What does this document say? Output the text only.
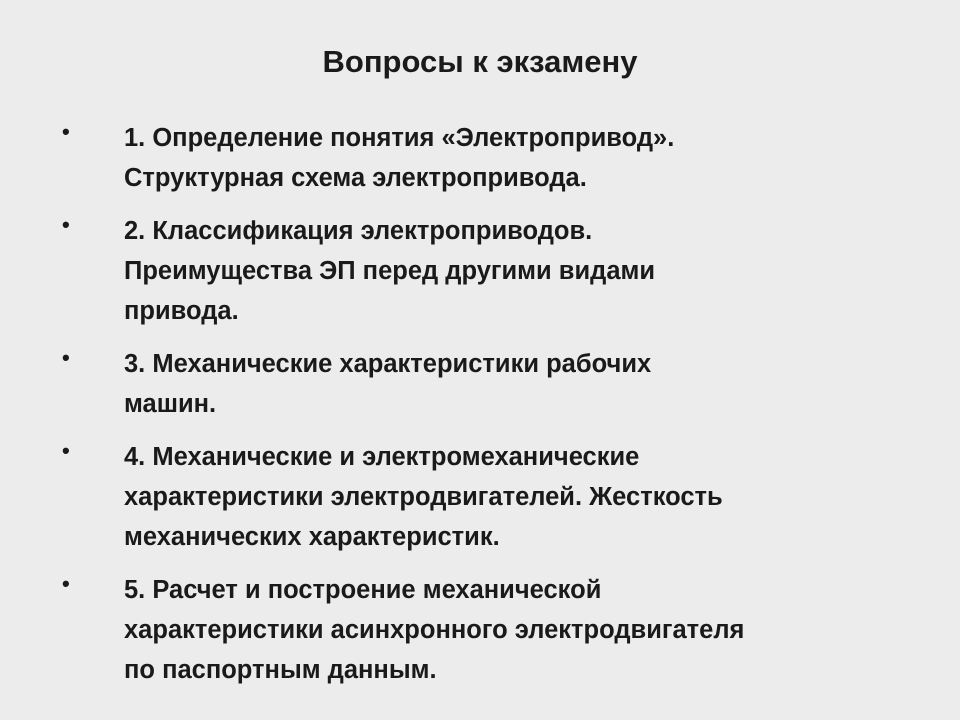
Вопросы к экзамену
• 1. Определение понятия «Электропривод».
Структурная схема электропривода.
• 2. Классификация электроприводов.
Преимущества ЭП перед другими видами
привода.
• 3. Механические характеристики рабочих
машин.
• 4. Механические и электромеханические
характеристики электродвигателей. Жесткость
механических характеристик.
• 5. Расчет и построение механической
характеристики асинхронного электродвигателя
по паспортным данным.
